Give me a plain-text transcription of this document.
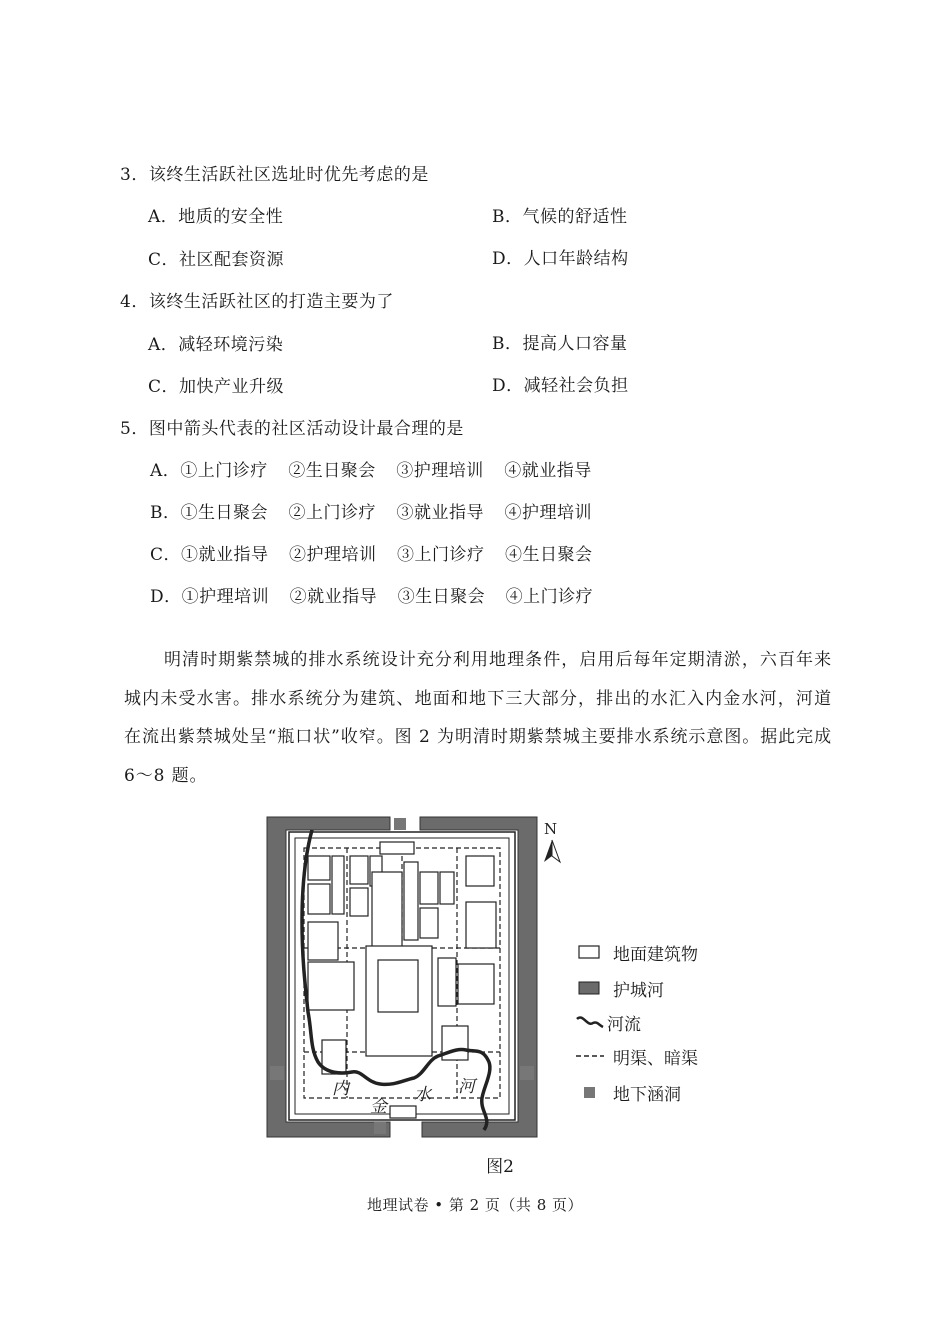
3．该终生活跃社区选址时优先考虑的是
A．地质的安全性	B．气候的舒适性
C．社区配套资源	D．人口年龄结构
4．该终生活跃社区的打造主要为了
A．减轻环境污染	B．提高人口容量
C．加快产业升级	D．减轻社会负担
5．图中箭头代表的社区活动设计最合理的是
A．①上门诊疗 ②生日聚会 ③护理培训 ④就业指导
B．①生日聚会 ②上门诊疗 ③就业指导 ④护理培训
C．①就业指导 ②护理培训 ③上门诊疗 ④生日聚会
D．①护理培训 ②就业指导 ③生日聚会 ④上门诊疗
明清时期紫禁城的排水系统设计充分利用地理条件，启用后每年定期清淤，六百年来城内未受水害。排水系统分为建筑、地面和地下三大部分，排出的水汇入内金水河，河道在流出紫禁城处呈“瓶口状”收窄。图 2 为明清时期紫禁城主要排水系统示意图。据此完成 6～8 题。
内
金
水 河
N
地面建筑物
护城河
河流
明渠、暗渠
地下涵洞
图2
地理试卷 • 第 2 页（共 8 页）
